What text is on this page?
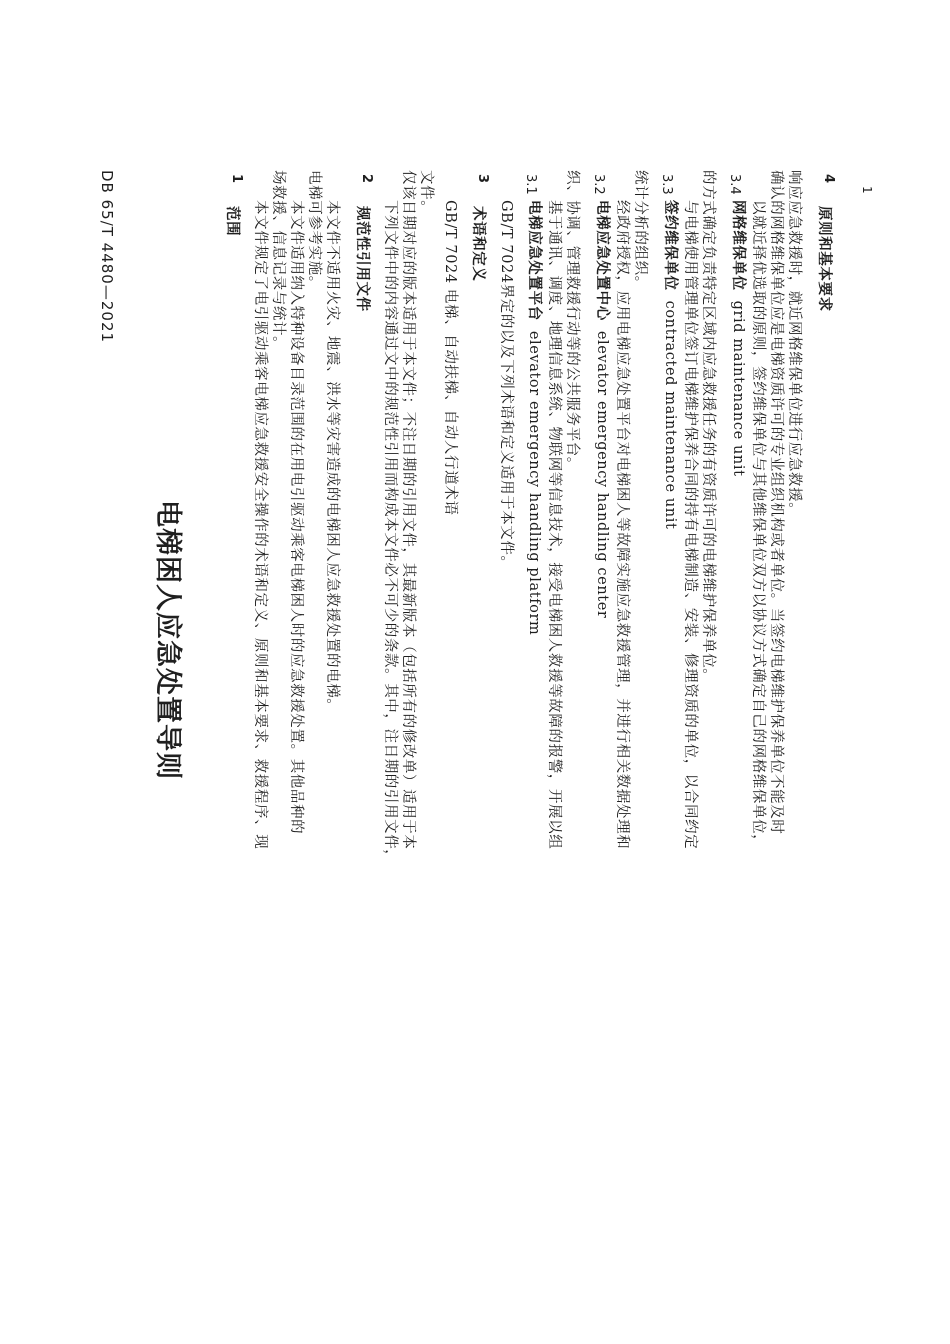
DB 65/T 4480—2021	1
电梯困人应急处置导则
1
范围 本文件规定了电引驱动乘客电梯应急救援安全操作的术语和定义、原则和基本要求、救援程序、现 场救援、信息记录与统计。 本文件适用纳入特种设备目录范围的在用电引驱动乘客电梯困人时的应急救援处置。其他品种的 电梯可参考实施。 本文件不适用火灾、地震、洪水等灾害造成的电梯困人应急救援处置的电梯。
2
规范性引用文件 下列文件中的内容通过文中的规范性引用而构成本文件必不可少的条款。其中，注日期的引用文件， 仅该日期对应的版本适用于本文件；不注日期的引用文件，其最新版本（包括所有的修改单）适用于本 文件。
GB/T 7024 电梯、自动扶梯、自动人行道术语
3
术语和定义 GB/T 7024界定的以及下列术语和定义适用于本文件。
3.1
电梯应急处置平台elevator emergency handling platform 基于通讯、调度、地理信息系统、物联网等信息技术，接受电梯困人救援等故障的报警，开展以组 织、协调、管理救援行动等的公共服务平台。 3.2
电梯应急处置中心elevator emergency handling center 经政府授权，应用电梯应急处置平台对电梯困人等故障实施应急救援管理，并进行相关数据处理和 统计分析的组织。 3.3
签约维保单位contracted maintenance unit 与电梯使用管理单位签订电梯维护保养合同的持有电梯制造、安装、修理资质的单位，以合同约定 的方式确定负责特定区域内应急救援任务的有资质许可的电梯维护保养单位。 3.4
网格维保单位grid maintenance unit 以就近择优选取的原则，签约维保单位与其他维保单位双方以协议方式确定自己的网格维保单位， 确认的网格维保单位应是电梯资质许可的专业组织机构或者单位。当签约电梯维护保养单位不能及时 响应应急救援时，就近网格维保单位进行应急救援。	4
原则和基本要求
